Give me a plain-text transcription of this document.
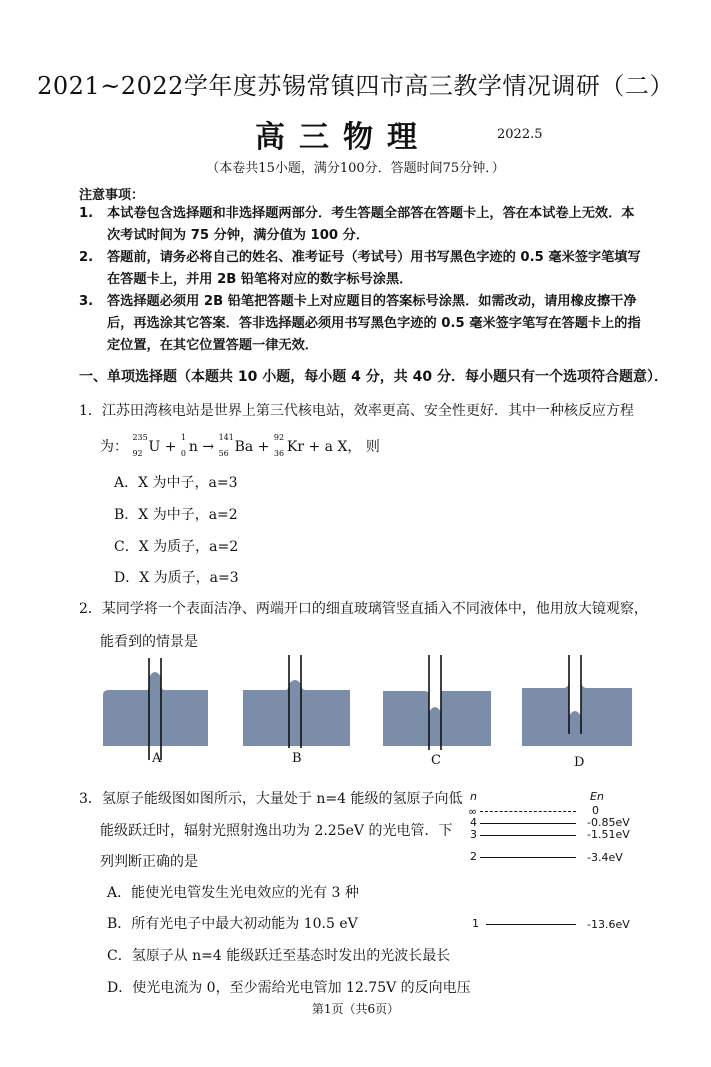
2021~2022学年度苏锡常镇四市高三教学情况调研（二）
高三物理	2022.5
（本卷共15小题，满分100分．答题时间75分钟．）
注意事项：
1.	本试卷包含选择题和非选择题两部分．考生答题全部答在答题卡上，答在本试卷上无效．本次考试时间为 75 分钟，满分值为 100 分．
2.	答题前，请务必将自己的姓名、准考证号（考试号）用书写黑色字迹的 0.5 毫米签字笔填写在答题卡上，并用 2B 铅笔将对应的数字标号涂黑．
3.	答选择题必须用 2B 铅笔把答题卡上对应题目的答案标号涂黑．如需改动，请用橡皮擦干净后，再选涂其它答案．答非选择题必须用书写黑色字迹的 0.5 毫米签字笔写在答题卡上的指定位置，在其它位置答题一律无效．
一、单项选择题（本题共 10 小题，每小题 4 分，共 40 分．每小题只有一个选项符合题意）．
1．江苏田湾核电站是世界上第三代核电站，效率更高、安全性更好．其中一种核反应方程
为：
235
92 U +
1
0 n →
141
56 Ba +
92
36 Kr + a X， 则
A．X 为中子，a=3
B．X 为中子，a=2
C．X 为质子，a=2
D．X 为质子，a=3
2．某同学将一个表面洁净、两端开口的细直玻璃管竖直插入不同液体中，他用放大镜观察，
能看到的情景是
A	B	C	D
3．氢原子能级图如图所示，大量处于 n=4 能级的氢原子向低
能级跃迁时，辐射光照射逸出功为 2.25eV 的光电管．下
列判断正确的是
A．能使光电管发生光电效应的光有 3 种
B．所有光电子中最大初动能为 10.5 eV
C．氢原子从 n=4 能级跃迁至基态时发出的光波长最长
D．使光电流为 0，至少需给光电管加 12.75V 的反向电压
n	En
∞	0
4	-0.85eV
3	-1.51eV
2	-3.4eV
1	-13.6eV
第1页（共6页）
